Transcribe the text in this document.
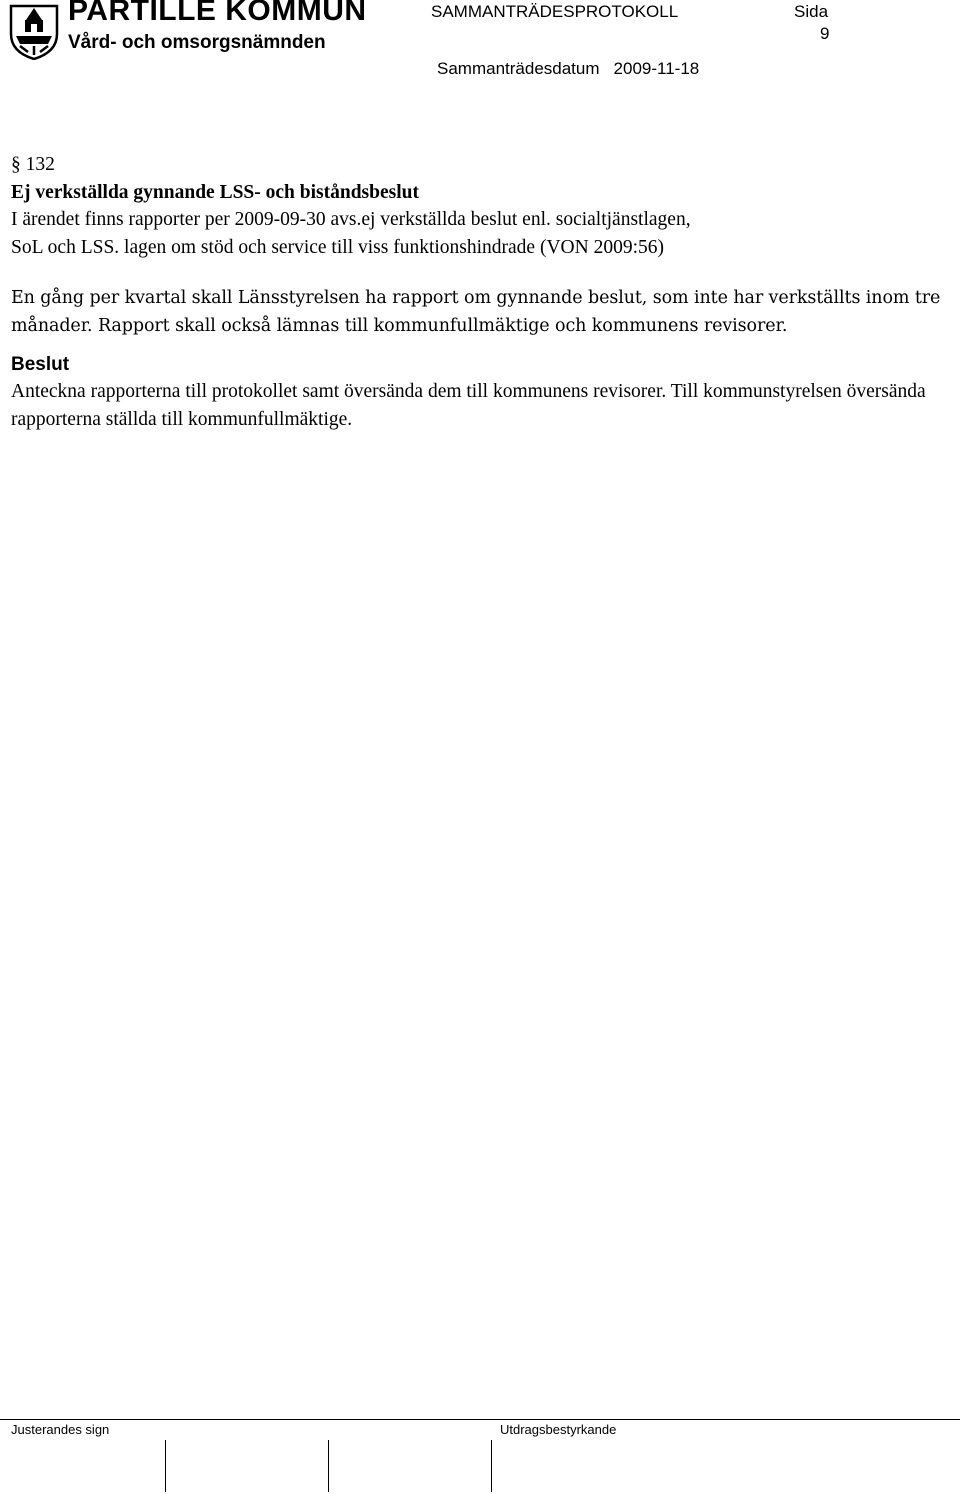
PARTILLE KOMMUN
Vård- och omsorgsnämnden
SAMMANTRÄDESPROTOKOLL	Sida
9
Sammanträdesdatum 2009-11-18

§ 132

Ej verkställda gynnande LSS- och biståndsbeslut

I ärendet finns rapporter per 2009-09-30 avs.ej verkställda beslut enl. socialtjänstlagen,

SoL och LSS. lagen om stöd och service till viss funktionshindrade (VON 2009:56)

En gång per kvartal skall Länsstyrelsen ha rapport om gynnande beslut, som inte har verkställts inom tre månader. Rapport skall också lämnas till kommunfullmäktige och kommunens revisorer.

Beslut

Anteckna rapporterna till protokollet samt översända dem till kommunens revisorer. Till kommunstyrelsen översända rapporterna ställda till kommunfullmäktige.

Justerandes sign	Utdragsbestyrkande
